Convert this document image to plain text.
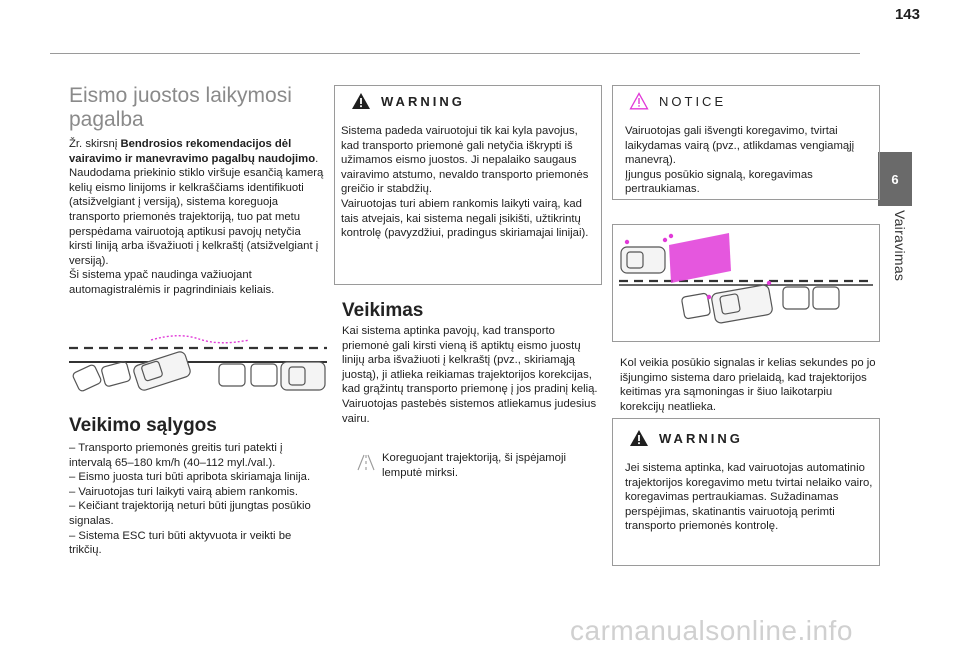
143
6
Vairavimas
Eismo juostos laikymosi pagalba

Žr. skirsnį Bendrosios rekomendacijos dėl vairavimo ir manevravimo pagalbų naudojimo.

Naudodama priekinio stiklo viršuje esančią kamerą kelių eismo linijoms ir kelkraščiams identifikuoti (atsižvelgiant į versiją), sistema koreguoja transporto priemonės trajektoriją, tuo pat metu perspėdama vairuotoją aptikusi pavojų netyčia kirsti liniją arba išvažiuoti į kelkraštį (atsižvelgiant į versiją).

Ši sistema ypač naudinga važiuojant automagistralėmis ir pagrindiniais keliais.

Veikimo sąlygos

– Transporto priemonės greitis turi patekti į intervalą 65–180 km/h (40–112 myl./val.).

– Eismo juosta turi būti apribota skiriamąja linija.

– Vairuotojas turi laikyti vairą abiem rankomis.

– Keičiant trajektoriją neturi būti įjungtas posūkio signalas.

– Sistema ESC turi būti aktyvuota ir veikti be trikčių.

WARNING

Sistema padeda vairuotojui tik kai kyla pavojus, kad transporto priemonė gali netyčia iškrypti iš užimamos eismo juostos. Ji nepalaiko saugaus vairavimo atstumo, nevaldo transporto priemonės greičio ir stabdžių.

Vairuotojas turi abiem rankomis laikyti vairą, kad tais atvejais, kai sistema negali įsikišti, užtikrintų kontrolę (pavyzdžiui, pradingus skiriamajai linijai).

Veikimas

Kai sistema aptinka pavojų, kad transporto priemonė gali kirsti vieną iš aptiktų eismo juostų linijų arba išvažiuoti į kelkraštį (pvz., skiriamąją juostą), ji atlieka reikiamas trajektorijos korekcijas, kad grąžintų transporto priemonę į jos pradinį kelią.

Vairuotojas pastebės sistemos atliekamus judesius vairu.

Koreguojant trajektoriją, ši įspėjamoji lemputė mirksi.
NOTICE

Vairuotojas gali išvengti koregavimo, tvirtai laikydamas vairą (pvz., atlikdamas vengiamąjį manevrą).

Įjungus posūkio signalą, koregavimas pertraukiamas.

Kol veikia posūkio signalas ir kelias sekundes po jo išjungimo sistema daro prielaidą, kad trajektorijos keitimas yra sąmoningas ir šiuo laikotarpiu korekcijų neatlieka.
WARNING
Jei sistema aptinka, kad vairuotojas automatinio trajektorijos koregavimo metu tvirtai nelaiko vairo, koregavimas pertraukiamas. Sužadinamas perspėjimas, skatinantis vairuotoją perimti transporto priemonės kontrolę.
carmanualsonline.info
